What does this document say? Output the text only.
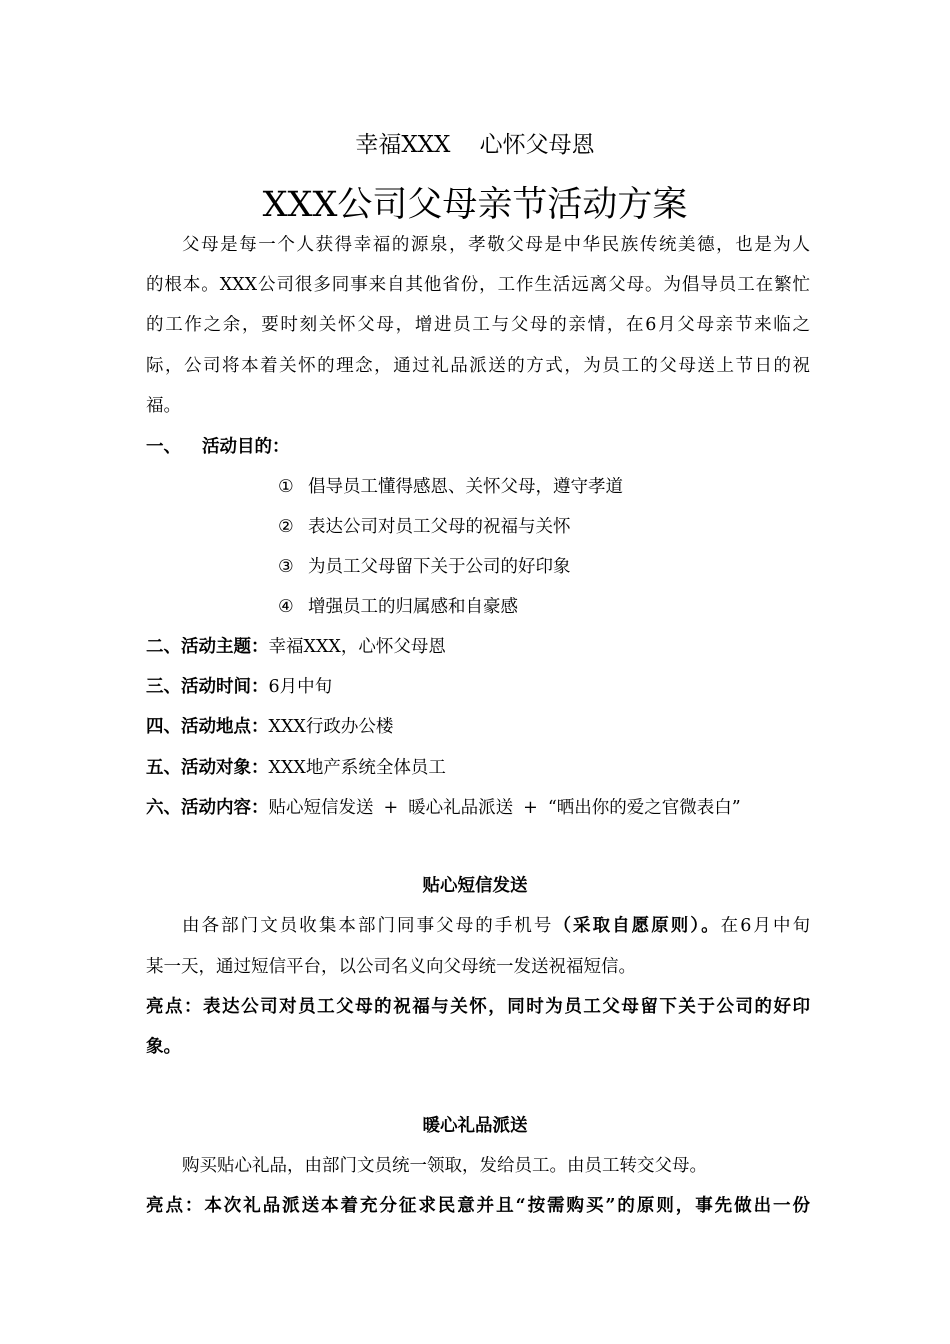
幸福XXX    心怀父母恩
XXX公司父母亲节活动方案
父母是每一个人获得幸福的源泉，孝敬父母是中华民族传统美德，也是为人
的根本。XXX公司很多同事来自其他省份，工作生活远离父母。为倡导员工在繁忙
的工作之余，要时刻关怀父母，增进员工与父母的亲情，在6月父母亲节来临之
际，公司将本着关怀的理念，通过礼品派送的方式，为员工的父母送上节日的祝
福。
一、 活动目的：
① 倡导员工懂得感恩、关怀父母，遵守孝道
② 表达公司对员工父母的祝福与关怀
③ 为员工父母留下关于公司的好印象
④ 增强员工的归属感和自豪感
二、活动主题：幸福XXX，心怀父母恩
三、活动时间：6月中旬
四、活动地点：XXX行政办公楼
五、活动对象：XXX地产系统全体员工
六、活动内容：贴心短信发送 + 暖心礼品派送 + “晒出你的爱之官微表白”
贴心短信发送
由各部门文员收集本部门同事父母的手机号（采取自愿原则）。在6月中旬
某一天，通过短信平台，以公司名义向父母统一发送祝福短信。
亮点：表达公司对员工父母的祝福与关怀，同时为员工父母留下关于公司的好印
象。
暖心礼品派送
购买贴心礼品，由部门文员统一领取，发给员工。由员工转交父母。
亮点：本次礼品派送本着充分征求民意并且“按需购买”的原则，事先做出一份
